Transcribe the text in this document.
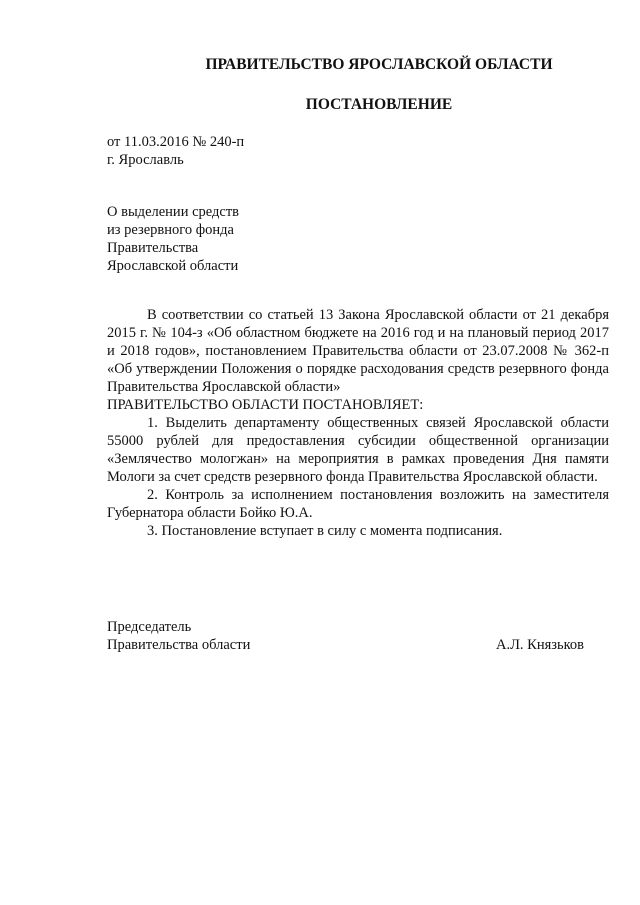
ПРАВИТЕЛЬСТВО ЯРОСЛАВСКОЙ ОБЛАСТИ
ПОСТАНОВЛЕНИЕ
от 11.03.2016 № 240-п
г. Ярославль
О выделении средств
из резервного фонда
Правительства
Ярославской области

В соответствии со статьей 13 Закона Ярославской области от 21 декабря 2015 г. № 104-з «Об областном бюджете на 2016 год и на плановый период 2017 и 2018 годов», постановлением Правительства области от 23.07.2008 № 362-п «Об утверждении Положения о порядке расходования средств резервного фонда Правительства Ярославской области»

ПРАВИТЕЛЬСТВО ОБЛАСТИ ПОСТАНОВЛЯЕТ:

1. Выделить департаменту общественных связей Ярославской области 55000 рублей для предоставления субсидии общественной организации «Землячество мологжан» на мероприятия в рамках проведения Дня памяти Мологи за счет средств резервного фонда Правительства Ярославской области.

2. Контроль за исполнением постановления возложить на заместителя Губернатора области Бойко Ю.А.

3. Постановление вступает в силу с момента подписания.

Председатель
Правительства области	А.Л. Князьков
